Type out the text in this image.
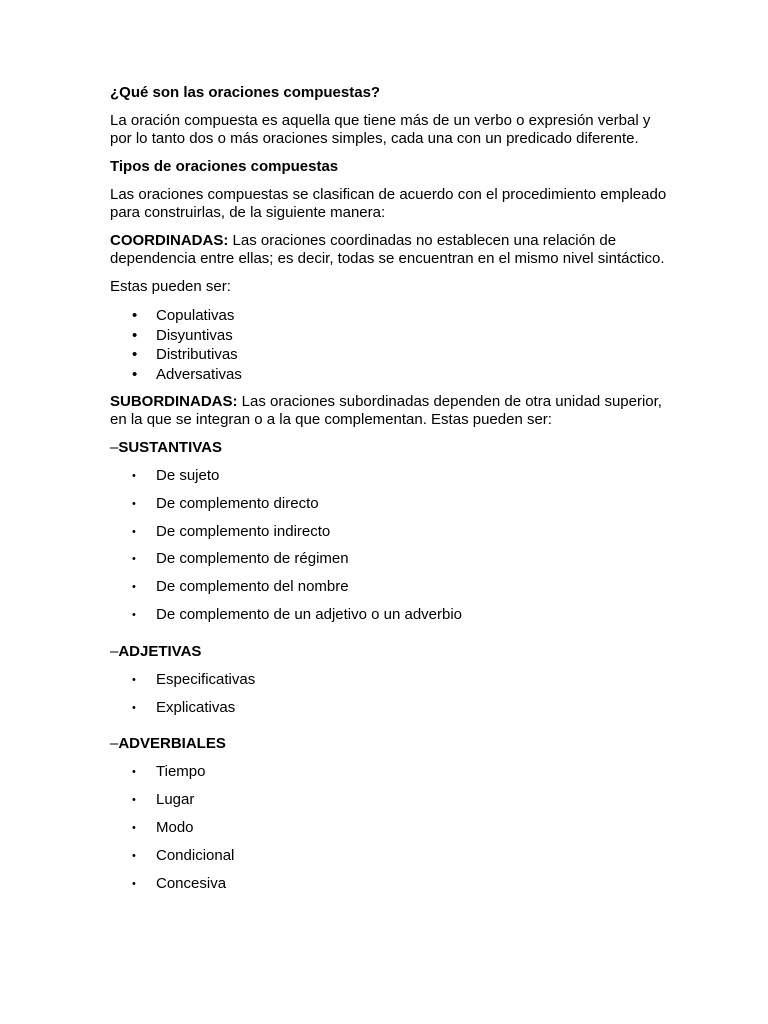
¿Qué son las oraciones compuestas?

La oración compuesta es aquella que tiene más de un verbo o expresión verbal y por lo tanto dos o más oraciones simples, cada una con un predicado diferente.

Tipos de oraciones compuestas

Las oraciones compuestas se clasifican de acuerdo con el procedimiento empleado para construirlas, de la siguiente manera:

COORDINADAS: Las oraciones coordinadas no establecen una relación de dependencia entre ellas; es decir, todas se encuentran en el mismo nivel sintáctico.

Estas pueden ser:

• Copulativas
• Disyuntivas
• Distributivas
• Adversativas

SUBORDINADAS: Las oraciones subordinadas dependen de otra unidad superior, en la que se integran o a la que complementan. Estas pueden ser:

–SUSTANTIVAS

• De sujeto
• De complemento directo
• De complemento indirecto
• De complemento de régimen
• De complemento del nombre
• De complemento de un adjetivo o un adverbio

–ADJETIVAS

• Especificativas
• Explicativas

–ADVERBIALES

• Tiempo
• Lugar
• Modo
• Condicional
• Concesiva
